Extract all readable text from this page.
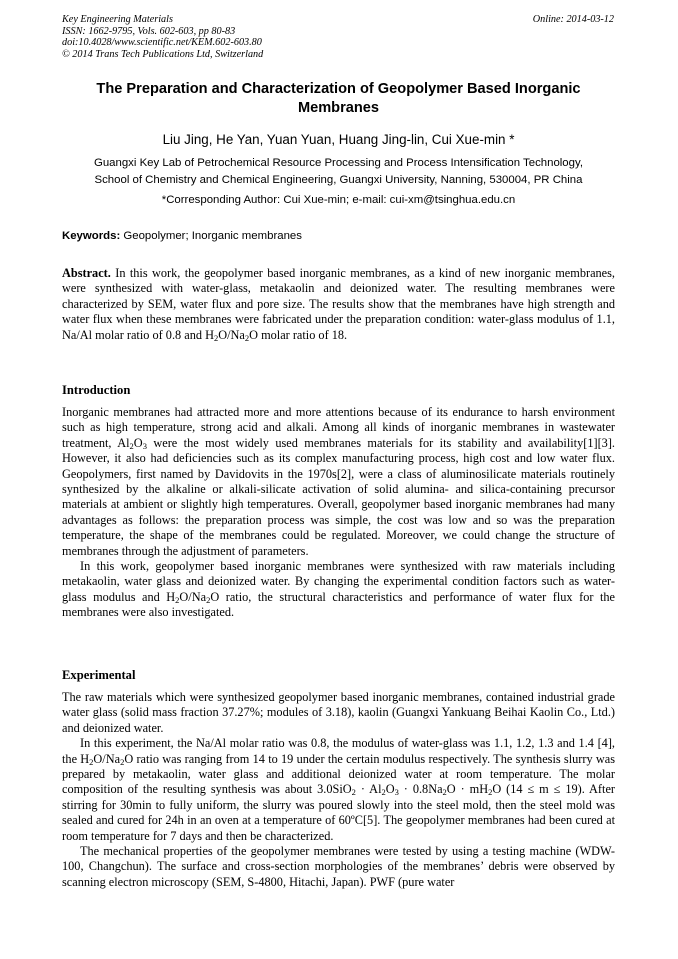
Key Engineering Materials
ISSN: 1662-9795, Vols. 602-603, pp 80-83
doi:10.4028/www.scientific.net/KEM.602-603.80
© 2014 Trans Tech Publications Ltd, Switzerland
Online: 2014-03-12
The Preparation and Characterization of Geopolymer Based Inorganic Membranes
Liu Jing, He Yan, Yuan Yuan, Huang Jing-lin, Cui Xue-min *
Guangxi Key Lab of Petrochemical Resource Processing and Process Intensification Technology,
School of Chemistry and Chemical Engineering, Guangxi University, Nanning, 530004, PR China
*Corresponding Author: Cui Xue-min; e-mail: cui-xm@tsinghua.edu.cn
Keywords: Geopolymer; Inorganic membranes

Abstract. In this work, the geopolymer based inorganic membranes, as a kind of new inorganic membranes, were synthesized with water-glass, metakaolin and deionized water. The resulting membranes were characterized by SEM, water flux and pore size. The results show that the membranes have high strength and water flux when these membranes were fabricated under the preparation condition: water-glass modulus of 1.1, Na/Al molar ratio of 0.8 and $H_2O/Na_2O$ molar ratio of 18.

Introduction

Inorganic membranes had attracted more and more attentions because of its endurance to harsh environment such as high temperature, strong acid and alkali. Among all kinds of inorganic membranes in wastewater treatment, $Al_2O_3$ were the most widely used membranes materials for its stability and availability[1][3]. However, it also had deficiencies such as its complex manufacturing process, high cost and low water flux. Geopolymers, first named by Davidovits in the 1970s[2], were a class of aluminosilicate materials routinely synthesized by the alkaline or alkali-silicate activation of solid alumina- and silica-containing precursor materials at ambient or slightly high temperatures. Overall, geopolymer based inorganic membranes had many advantages as follows: the preparation process was simple, the cost was low and so was the preparation temperature, the shape of the membranes could be regulated. Moreover, we could change the structure of membranes through the adjustment of parameters.

In this work, geopolymer based inorganic membranes were synthesized with raw materials including metakaolin, water glass and deionized water. By changing the experimental condition factors such as water-glass modulus and $H_2O/Na_2O$ ratio, the structural characteristics and performance of water flux for the membranes were also investigated.

Experimental

The raw materials which were synthesized geopolymer based inorganic membranes, contained industrial grade water glass (solid mass fraction 37.27%; modules of 3.18), kaolin (Guangxi Yankuang Beihai Kaolin Co., Ltd.) and deionized water.

In this experiment, the Na/Al molar ratio was 0.8, the modulus of water-glass was 1.1, 1.2, 1.3 and 1.4 [4], the $H_2O/Na_2O$ ratio was ranging from 14 to 19 under the certain modulus respectively. The synthesis slurry was prepared by metakaolin, water glass and additional deionized water at room temperature. The molar composition of the resulting synthesis was about $3.0SiO_2 \cdot Al_2O_3 \cdot 0.8Na_2O \cdot mH_2O$ (14 ≤ m ≤ 19). After stirring for 30min to fully uniform, the slurry was poured slowly into the steel mold, then the steel mold was sealed and cured for 24h in an oven at a temperature of 60ºC[5]. The geopolymer membranes had been cured at room temperature for 7 days and then be characterized.

The mechanical properties of the geopolymer membranes were tested by using a testing machine (WDW-100, Changchun). The surface and cross-section morphologies of the membranes’ debris were observed by scanning electron microscopy (SEM, S-4800, Hitachi, Japan). PWF (pure water
